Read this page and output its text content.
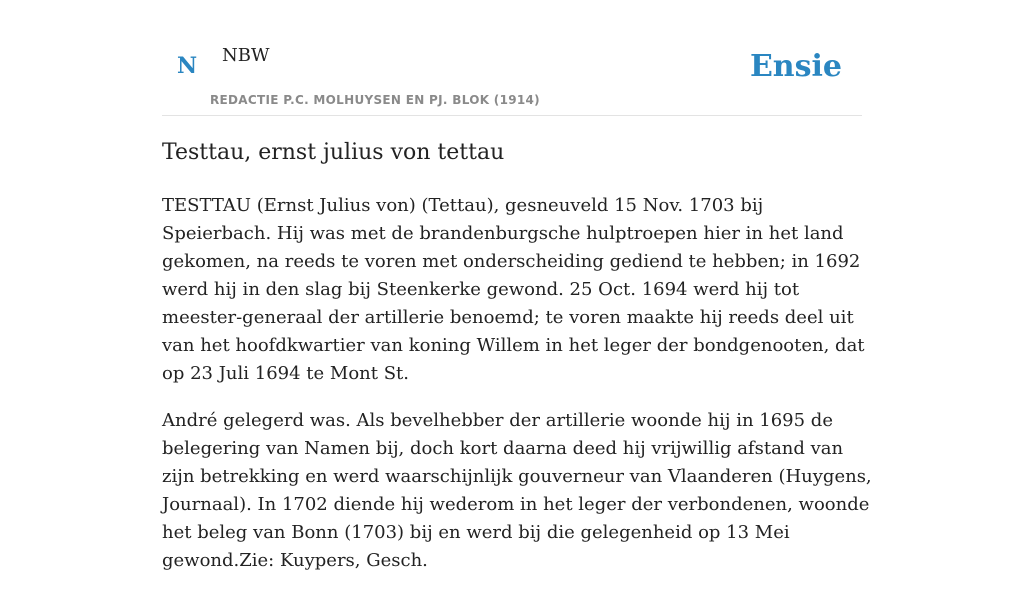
N NBW
REDACTIE P.C. MOLHUYSEN EN PJ. BLOK (1914)
Ensie
Testtau, ernst julius von tettau

TESTTAU (Ernst Julius von) (Tettau), gesneuveld 15 Nov. 1703 bij Speierbach. Hij was met de brandenburgsche hulptroepen hier in het land gekomen, na reeds te voren met onderscheiding gediend te hebben; in 1692 werd hij in den slag bij Steenkerke gewond. 25 Oct. 1694 werd hij tot meester-generaal der artillerie benoemd; te voren maakte hij reeds deel uit van het hoofdkwartier van koning Willem in het leger der bondgenooten, dat op 23 Juli 1694 te Mont St.

André gelegerd was. Als bevelhebber der artillerie woonde hij in 1695 de belegering van Namen bij, doch kort daarna deed hij vrijwillig afstand van zijn betrekking en werd waarschijnlijk gouverneur van Vlaanderen (Huygens, Journaal). In 1702 diende hij wederom in het leger der verbondenen, woonde het beleg van Bonn (1703) bij en werd bij die gelegenheid op 13 Mei gewond.Zie: Kuypers, Gesch.
